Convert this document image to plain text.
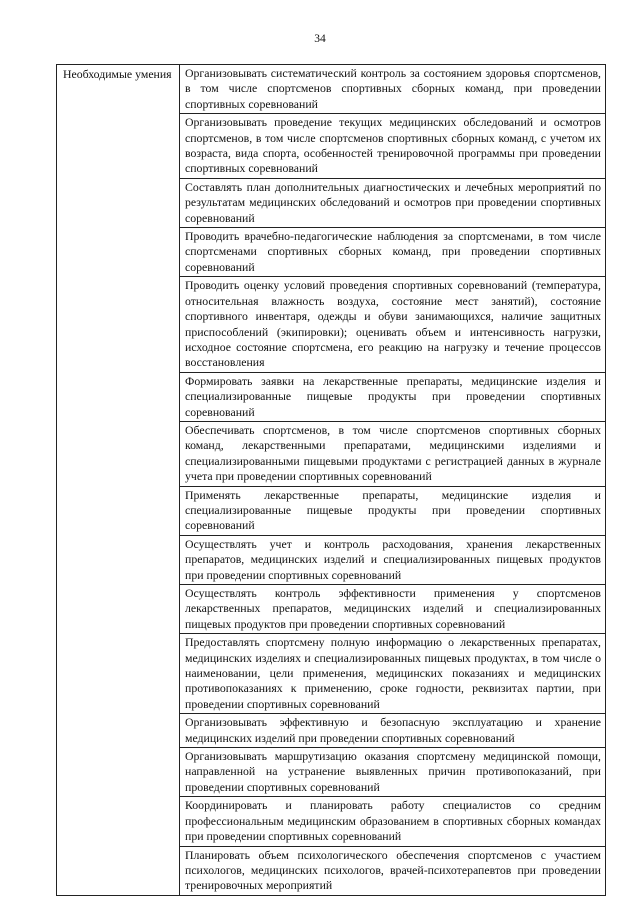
34
Необходимые умения	Организовывать систематический контроль за состоянием здоровья спортсменов, в том числе спортсменов спортивных сборных команд, при проведении спортивных соревнований
Организовывать проведение текущих медицинских обследований и осмотров спортсменов, в том числе спортсменов спортивных сборных команд, с учетом их возраста, вида спорта, особенностей тренировочной программы при проведении спортивных соревнований
Составлять план дополнительных диагностических и лечебных мероприятий по результатам медицинских обследований и осмотров при проведении спортивных соревнований
Проводить врачебно-педагогические наблюдения за спортсменами, в том числе спортсменами спортивных сборных команд, при проведении спортивных соревнований
Проводить оценку условий проведения спортивных соревнований (температура, относительная влажность воздуха, состояние мест занятий), состояние спортивного инвентаря, одежды и обуви занимающихся, наличие защитных приспособлений (экипировки); оценивать объем и интенсивность нагрузки, исходное состояние спортсмена, его реакцию на нагрузку и течение процессов восстановления
Формировать заявки на лекарственные препараты, медицинские изделия и специализированные пищевые продукты при проведении спортивных соревнований
Обеспечивать спортсменов, в том числе спортсменов спортивных сборных команд, лекарственными препаратами, медицинскими изделиями и специализированными пищевыми продуктами с регистрацией данных в журнале учета при проведении спортивных соревнований
Применять лекарственные препараты, медицинские изделия и специализированные пищевые продукты при проведении спортивных соревнований
Осуществлять учет и контроль расходования, хранения лекарственных препаратов, медицинских изделий и специализированных пищевых продуктов при проведении спортивных соревнований
Осуществлять контроль эффективности применения у спортсменов лекарственных препаратов, медицинских изделий и специализированных пищевых продуктов при проведении спортивных соревнований
Предоставлять спортсмену полную информацию о лекарственных препаратах, медицинских изделиях и специализированных пищевых продуктах, в том числе о наименовании, цели применения, медицинских показаниях и медицинских противопоказаниях к применению, сроке годности, реквизитах партии, при проведении спортивных соревнований
Организовывать эффективную и безопасную эксплуатацию и хранение медицинских изделий при проведении спортивных соревнований
Организовывать маршрутизацию оказания спортсмену медицинской помощи, направленной на устранение выявленных причин противопоказаний, при проведении спортивных соревнований
Координировать и планировать работу специалистов со средним профессиональным медицинским образованием в спортивных сборных командах при проведении спортивных соревнований
Планировать объем психологического обеспечения спортсменов с участием психологов, медицинских психологов, врачей-психотерапевтов при проведении тренировочных мероприятий
